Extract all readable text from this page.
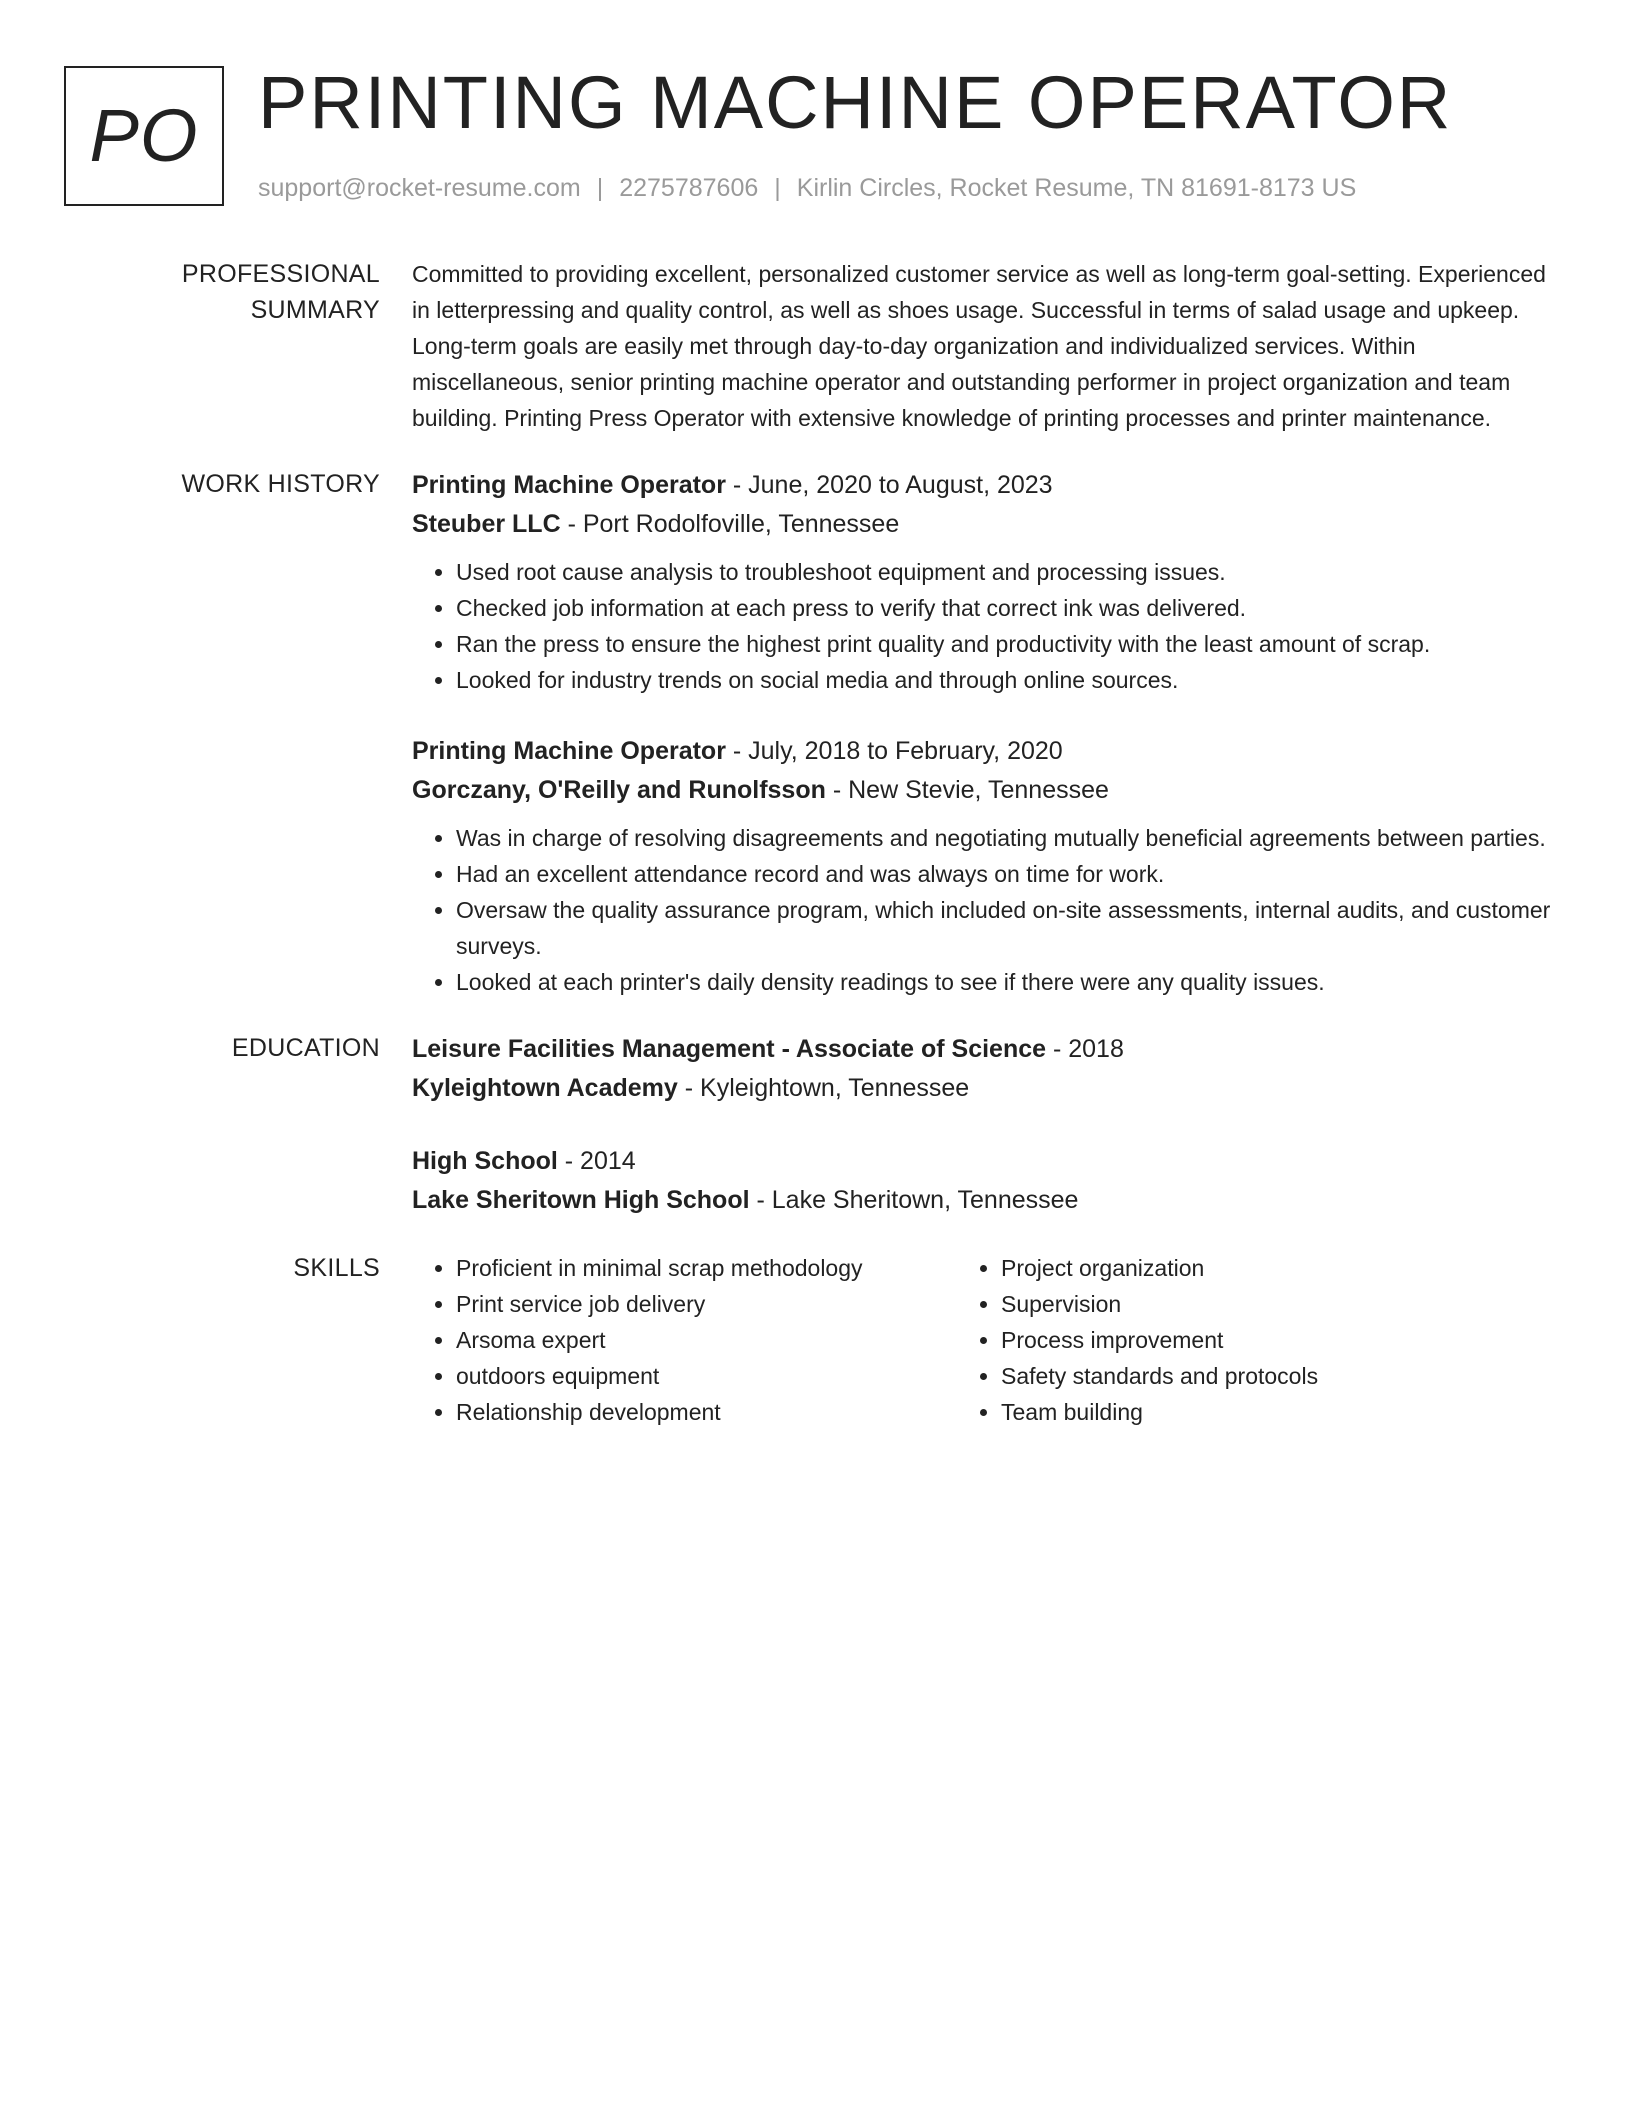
PO PRINTING MACHINE OPERATOR
support@rocket-resume.com | 2275787606 | Kirlin Circles, Rocket Resume, TN 81691-8173 US
PROFESSIONAL SUMMARY

Committed to providing excellent, personalized customer service as well as long-term goal-setting. Experienced in letterpressing and quality control, as well as shoes usage. Successful in terms of salad usage and upkeep. Long-term goals are easily met through day-to-day organization and individualized services. Within miscellaneous, senior printing machine operator and outstanding performer in project organization and team building. Printing Press Operator with extensive knowledge of printing processes and printer maintenance.

WORK HISTORY	Printing Machine Operator - June, 2020 to August, 2023

Steuber LLC - Port Rodolfoville, Tennessee

• Used root cause analysis to troubleshoot equipment and processing issues.
• Checked job information at each press to verify that correct ink was delivered.
• Ran the press to ensure the highest print quality and productivity with the least amount of scrap.
• Looked for industry trends on social media and through online sources.

Printing Machine Operator - July, 2018 to February, 2020

Gorczany, O'Reilly and Runolfsson - New Stevie, Tennessee

• Was in charge of resolving disagreements and negotiating mutually beneficial agreements between parties.
• Had an excellent attendance record and was always on time for work.
• Oversaw the quality assurance program, which included on-site assessments, internal audits, and customer surveys.
• Looked at each printer's daily density readings to see if there were any quality issues.
EDUCATION	Leisure Facilities Management - Associate of Science - 2018

Kyleightown Academy - Kyleightown, Tennessee

High School - 2014

Lake Sheritown High School - Lake Sheritown, Tennessee

SKILLS
•	Proficient in minimal scrap methodology
• Print service job delivery
• Arsoma expert
• outdoors equipment
• Relationship development
• Project organization
• Supervision
• Process improvement
• Safety standards and protocols
• Team building
